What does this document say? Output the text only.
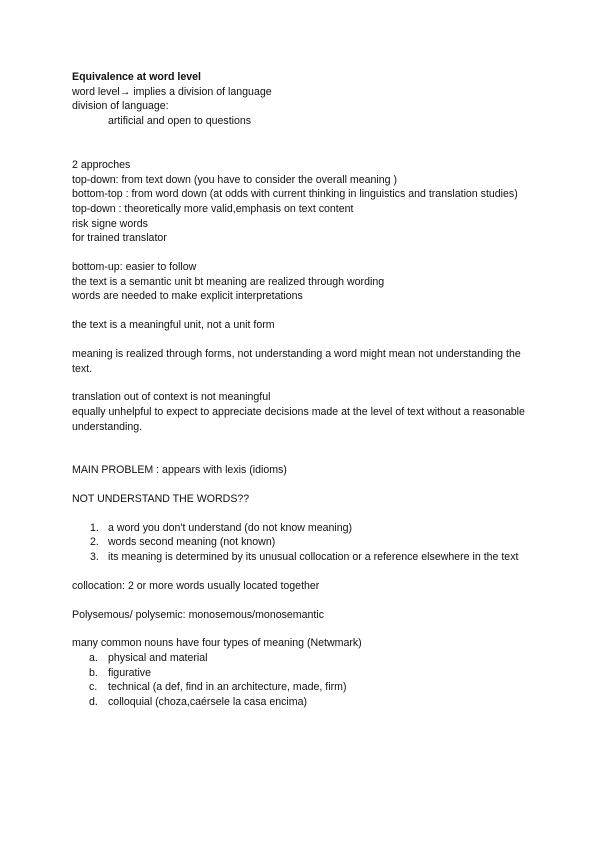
Equivalence at word level

word level→ implies a division of language

division of language:

artificial and open to questions

2 approches

top-down: from text down (you have to consider the overall meaning )

bottom-top : from word down (at odds with current thinking in linguistics and translation studies)

top-down : theoretically more valid,emphasis on text content

risk signe words

for trained translator

bottom-up: easier to follow

the text is a semantic unit bt meaning are realized through wording

words are needed to make explicit interpretations

the text is a meaningful unit, not a unit form

meaning is realized through forms, not understanding a word might mean not understanding the text.

translation out of context is not meaningful

equally unhelpful to expect to appreciate decisions made at the level of text without a reasonable understanding.

MAIN PROBLEM : appears with lexis (idioms)

NOT UNDERSTAND THE WORDS??

1. a word you don't understand (do not know meaning)
2. words second meaning (not known)
3. its meaning is determined by its unusual collocation or a reference elsewhere in the text

collocation: 2 or more words usually located together

Polysemous/ polysemic: monosemous/monosemantic

many common nouns have four types of meaning (Netwmark)

a. physical and material
b. figurative
c. technical (a def, find in an architecture, made, firm)
d. colloquial (choza,caérsele la casa encima)
